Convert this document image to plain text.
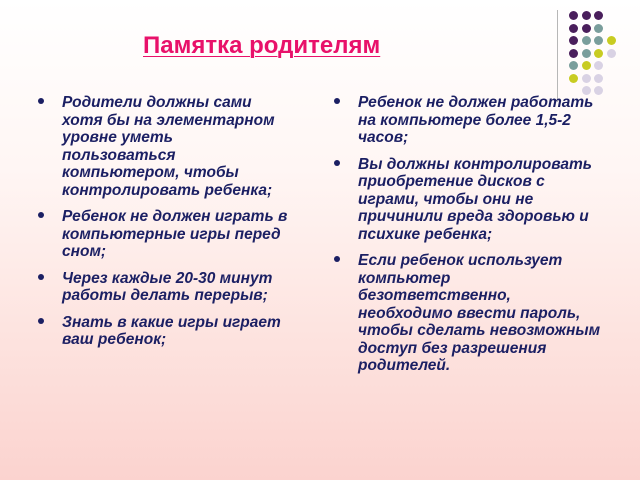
Памятка родителям
Родители должны сами хотя бы на элементарном уровне уметь пользоваться компьютером, чтобы контролировать ребенка;
Ребенок не должен играть в компьютерные игры перед сном;
Через каждые 20-30 минут работы делать перерыв;
Знать в какие игры играет ваш ребенок;
Ребенок не должен работать на компьютере более 1,5-2 часов;
Вы должны контролировать приобретение дисков с играми, чтобы они не причинили вреда здоровью и психике ребенка;
Если ребенок использует компьютер безответственно, необходимо ввести пароль, чтобы сделать невозможным доступ без разрешения родителей.
